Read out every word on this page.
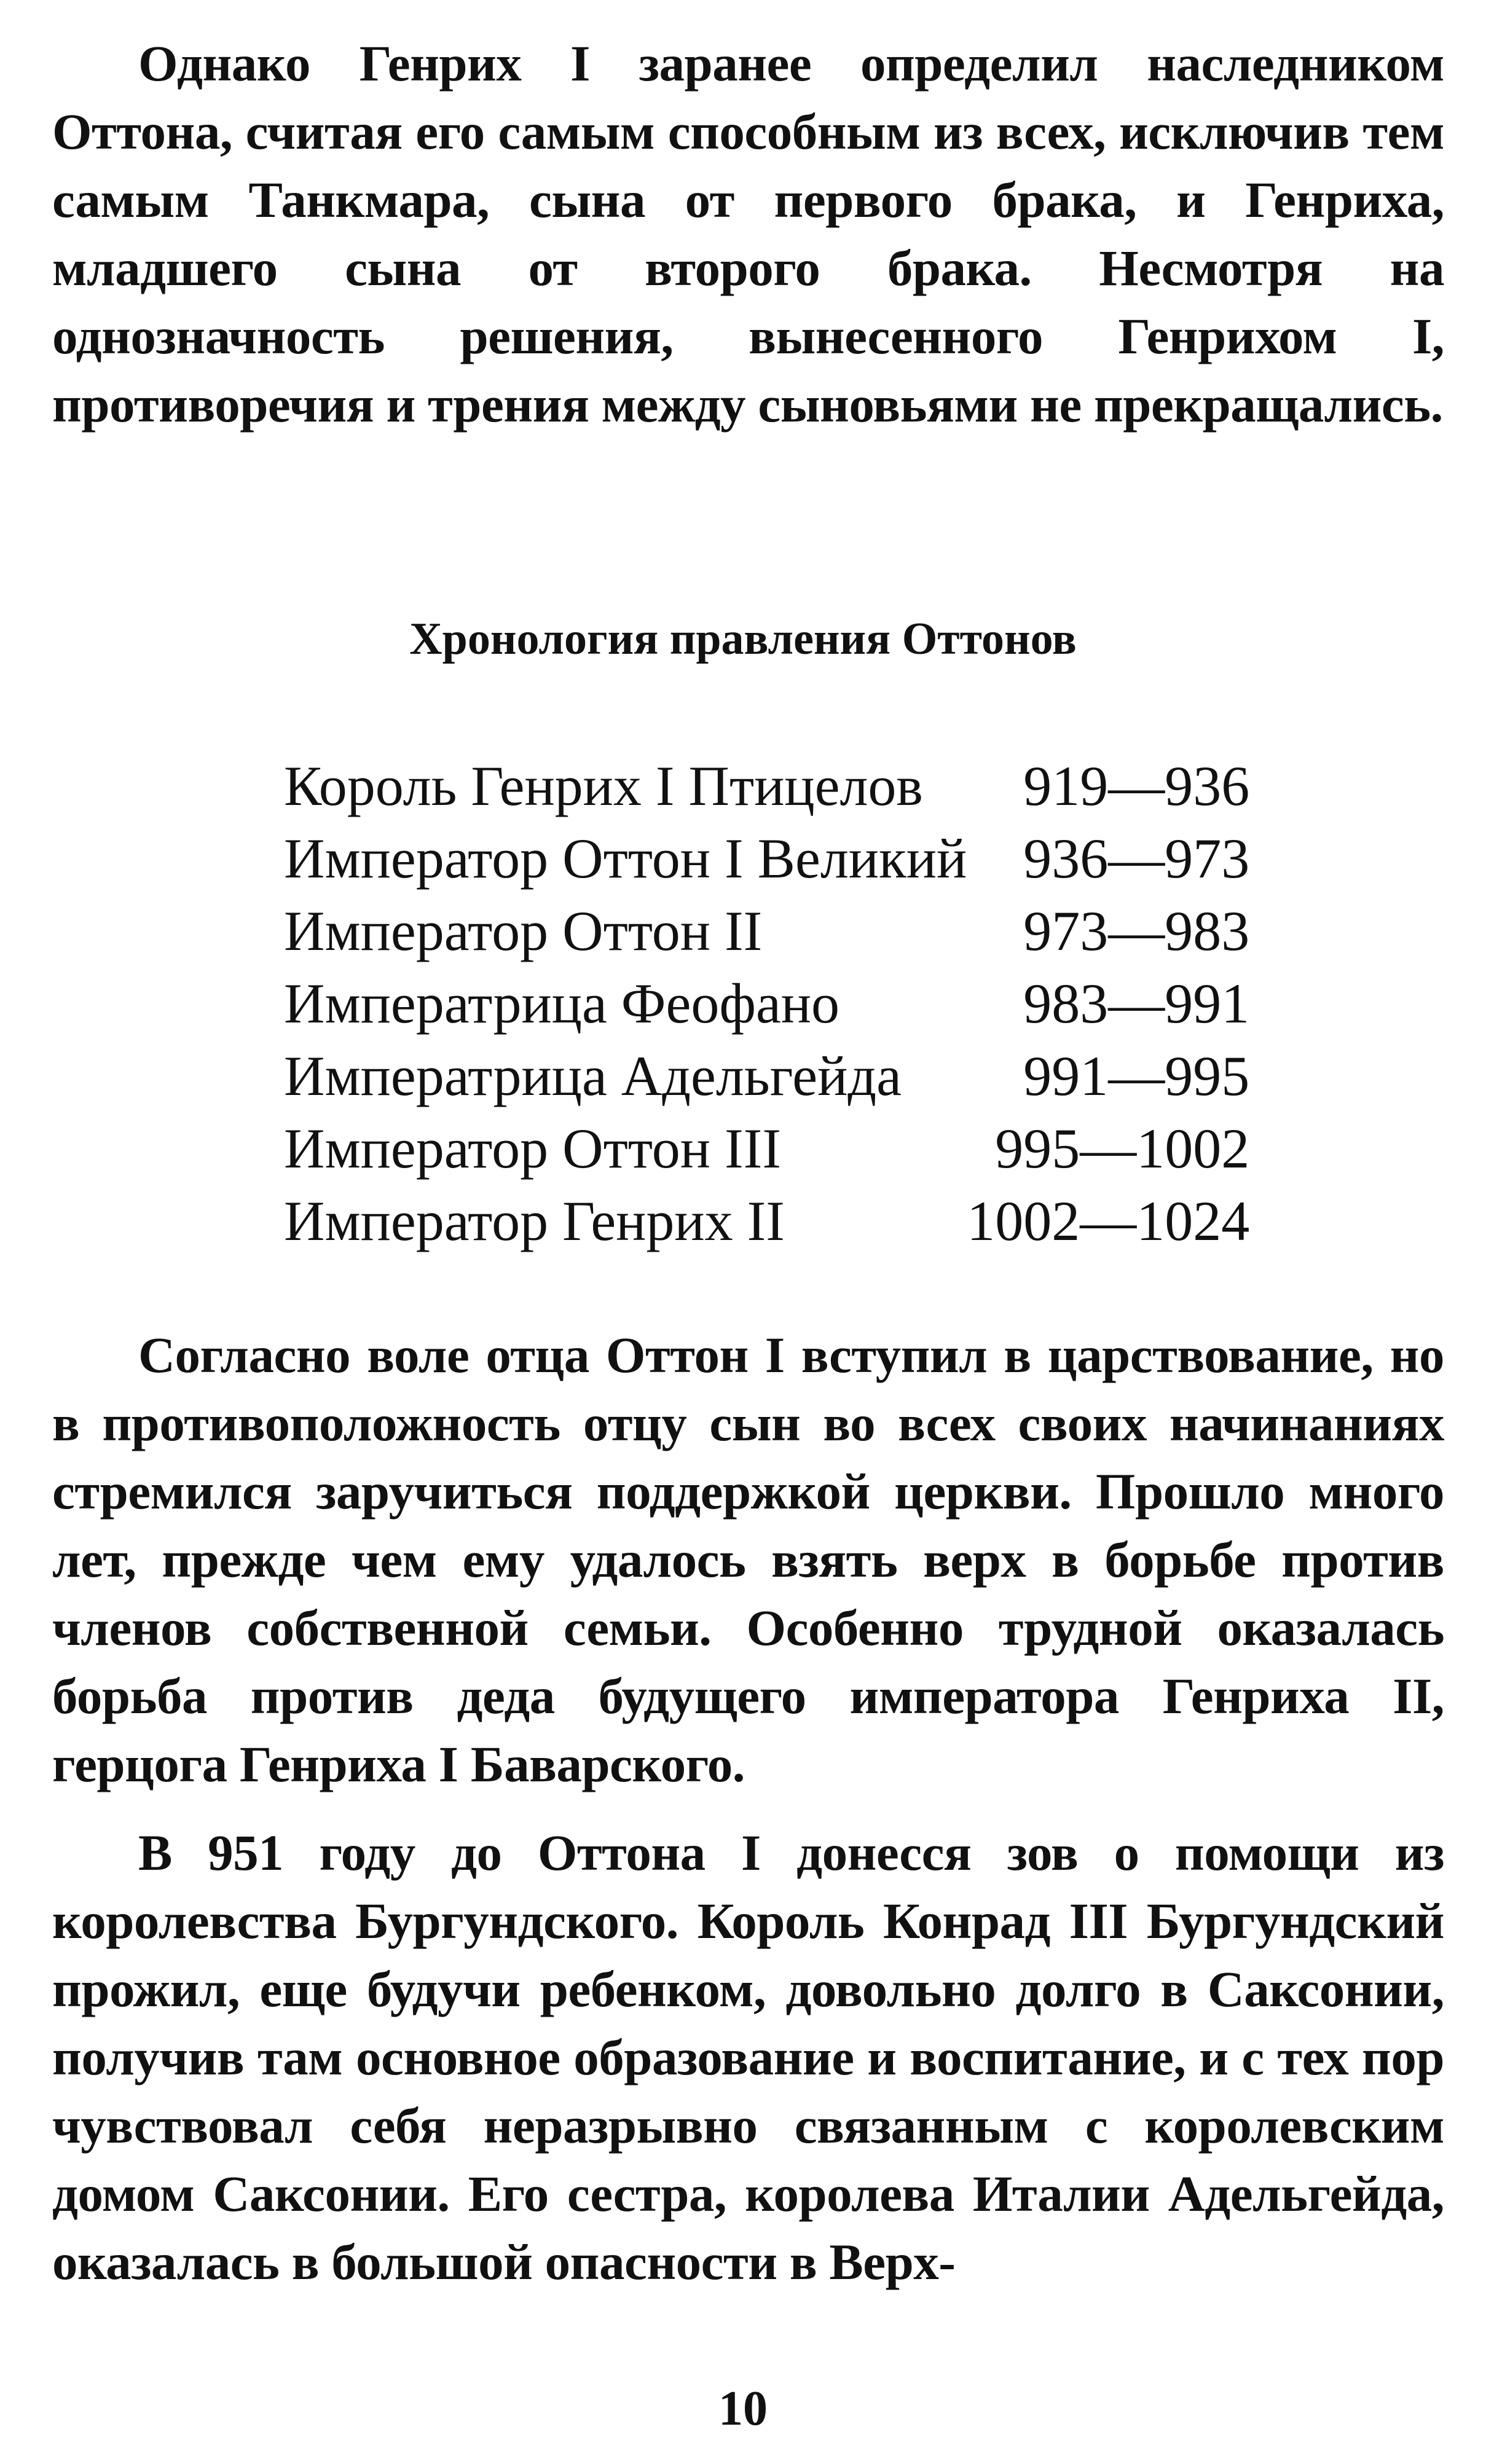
Однако Генрих I заранее определил наследником Оттона, считая его самым способным из всех, исключив тем самым Танкмара, сына от первого брака, и Генриха, младшего сына от второго брака. Несмотря на однозначность решения, вынесенного Генрихом I, противоречия и трения между сыновьями не прекращались.

Хронология правления Оттонов
Король Генрих I Птицелов	919—936
Император Оттон I Великий	936—973
Император Оттон II	973—983
Императрица Феофано	983—991
Императрица Адельгейда	991—995
Император Оттон III	995—1002
Император Генрих II	1002—1024

Согласно воле отца Оттон I вступил в царствование, но в противоположность отцу сын во всех своих начинаниях стремился заручиться поддержкой церкви. Прошло много лет, прежде чем ему удалось взять верх в борьбе против членов собственной семьи. Особенно трудной оказалась борьба против деда будущего императора Генриха II, герцога Генриха I Баварского.

В 951 году до Оттона I донесся зов о помощи из королевства Бургундского. Король Конрад III Бургундский прожил, еще будучи ребенком, довольно долго в Саксонии, получив там основное образование и воспитание, и с тех пор чувствовал себя неразрывно связанным с королевским домом Саксонии. Его сестра, королева Италии Адельгейда, оказалась в большой опасности в Верх-

10
